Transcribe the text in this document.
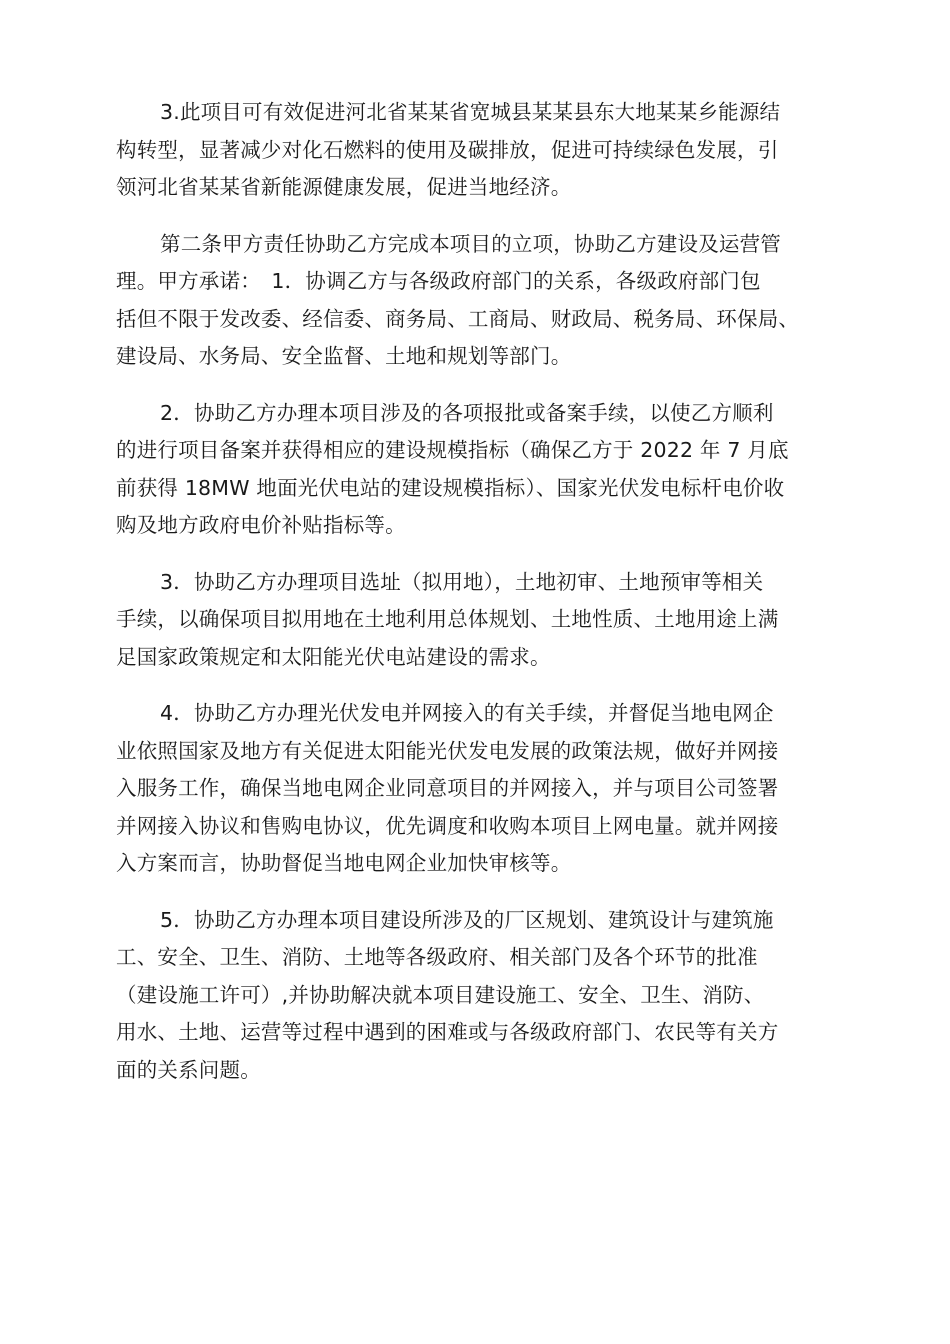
3.此项目可有效促进河北省某某省宽城县某某县东大地某某乡能源结
构转型，显著减少对化石燃料的使用及碳排放，促进可持续绿色发展，引
领河北省某某省新能源健康发展，促进当地经济。
第二条甲方责任协助乙方完成本项目的立项，协助乙方建设及运营管
理。甲方承诺：　1．协调乙方与各级政府部门的关系，各级政府部门包
括但不限于发改委、经信委、商务局、工商局、财政局、税务局、环保局、
建设局、水务局、安全监督、土地和规划等部门。
2．协助乙方办理本项目涉及的各项报批或备案手续，以使乙方顺利
的进行项目备案并获得相应的建设规模指标（确保乙方于 2022 年 7 月底
前获得 18MW 地面光伏电站的建设规模指标）、国家光伏发电标杆电价收
购及地方政府电价补贴指标等。
3．协助乙方办理项目选址（拟用地），土地初审、土地预审等相关
手续，以确保项目拟用地在土地利用总体规划、土地性质、土地用途上满
足国家政策规定和太阳能光伏电站建设的需求。
4．协助乙方办理光伏发电并网接入的有关手续，并督促当地电网企
业依照国家及地方有关促进太阳能光伏发电发展的政策法规，做好并网接
入服务工作，确保当地电网企业同意项目的并网接入，并与项目公司签署
并网接入协议和售购电协议，优先调度和收购本项目上网电量。就并网接
入方案而言，协助督促当地电网企业加快审核等。
5．协助乙方办理本项目建设所涉及的厂区规划、建筑设计与建筑施
工、安全、卫生、消防、土地等各级政府、相关部门及各个环节的批准
（建设施工许可）,并协助解决就本项目建设施工、安全、卫生、消防、
用水、土地、运营等过程中遇到的困难或与各级政府部门、农民等有关方
面的关系问题。
